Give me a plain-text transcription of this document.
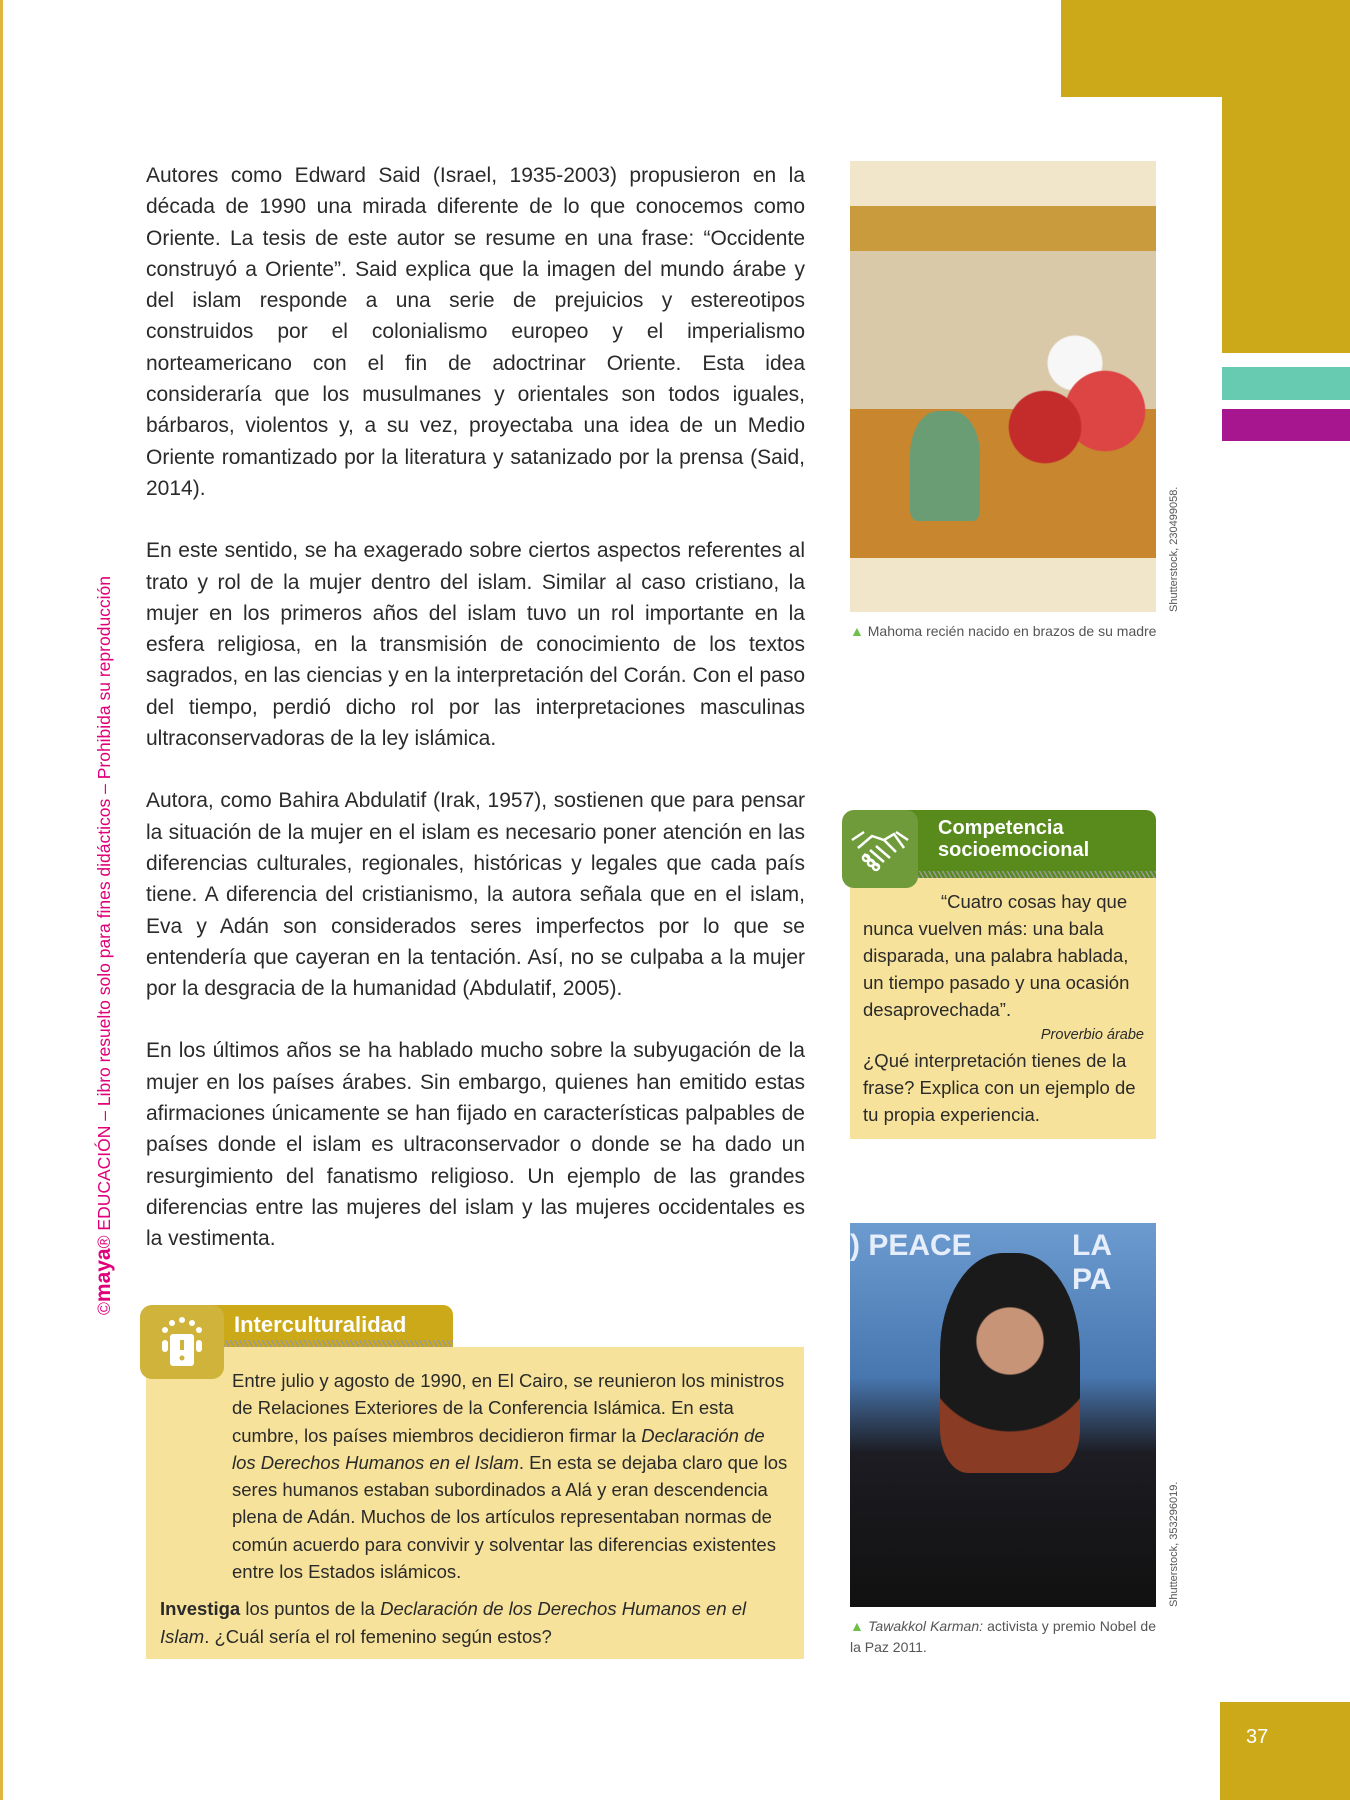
©maya® EDUCACIÓN – Libro resuelto solo para fines didácticos – Prohibida su reproducción

Autores como Edward Said (Israel, 1935-2003) propusieron en la década de 1990 una mirada diferente de lo que conocemos como Oriente. La tesis de este autor se resume en una frase: “Occidente construyó a Oriente”. Said explica que la imagen del mundo árabe y del islam responde a una serie de prejuicios y estereotipos construidos por el colonialismo europeo y el imperialismo norteamericano con el fin de adoctrinar Oriente. Esta idea consideraría que los musulmanes y orientales son todos iguales, bárbaros, violentos y, a su vez, proyectaba una idea de un Medio Oriente romantizado por la literatura y satanizado por la prensa (Said, 2014).

En este sentido, se ha exagerado sobre ciertos aspectos referentes al trato y rol de la mujer dentro del islam. Similar al caso cristiano, la mujer en los primeros años del islam tuvo un rol importante en la esfera religiosa, en la transmisión de conocimiento de los textos sagrados, en las ciencias y en la interpretación del Corán. Con el paso del tiempo, perdió dicho rol por las interpretaciones masculinas ultraconservadoras de la ley islámica.

Autora, como Bahira Abdulatif (Irak, 1957), sostienen que para pensar la situación de la mujer en el islam es necesario poner atención en las diferencias culturales, regionales, históricas y legales que cada país tiene. A diferencia del cristianismo, la autora señala que en el islam, Eva y Adán son considerados seres imperfectos por lo que se entendería que cayeran en la tentación. Así, no se culpaba a la mujer por la desgracia de la humanidad (Abdulatif, 2005).

En los últimos años se ha hablado mucho sobre la subyugación de la mujer en los países árabes. Sin embargo, quienes han emitido estas afirmaciones únicamente se han fijado en características palpables de países donde el islam es ultraconservador o donde se ha dado un resurgimiento del fanatismo religioso. Un ejemplo de las grandes diferencias entre las mujeres del islam y las mujeres occidentales es la vestimenta.

Shutterstock, 230499058.
▲ Mahoma recién nacido en brazos de su madre
Competencia socioemocional
“Cuatro cosas hay que nunca vuelven más: una bala disparada, una palabra hablada, un tiempo pasado y una ocasión desaprovechada”.
Proverbio árabe
¿Qué interpretación tienes de la frase? Explica con un ejemplo de tu propia experiencia.
Interculturalidad

Entre julio y agosto de 1990, en El Cairo, se reunieron los ministros de Relaciones Exteriores de la Conferencia Islámica. En esta cumbre, los países miembros decidieron firmar la Declaración de los Derechos Humanos en el Islam. En esta se dejaba claro que los seres humanos estaban subordinados a Alá y eran descendencia plena de Adán. Muchos de los artículos representaban normas de común acuerdo para convivir y solventar las diferencias existentes entre los Estados islámicos.

Investiga los puntos de la Declaración de los Derechos Humanos en el Islam. ¿Cuál sería el rol femenino según estos?

) PEACE	LA PA
Shutterstock, 353296019.
▲ Tawakkol Karman: activista y premio Nobel de la Paz 2011.
37
